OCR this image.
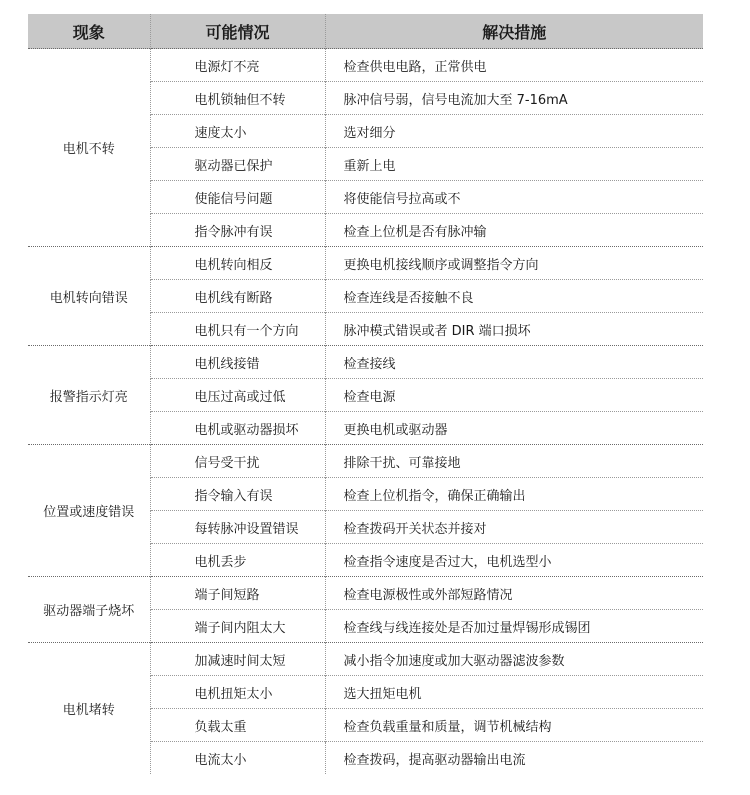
现象	可能情况	解决措施
电机不转	电源灯不亮	检查供电电路，正常供电
	电机锁轴但不转	脉冲信号弱，信号电流加大至 7-16mA
	速度太小	选对细分
	驱动器已保护	重新上电
	使能信号问题	将使能信号拉高或不
	指令脉冲有误	检查上位机是否有脉冲输
电机转向错误	电机转向相反	更换电机接线顺序或调整指令方向
	电机线有断路	检查连线是否接触不良
	电机只有一个方向	脉冲模式错误或者 DIR 端口损坏
报警指示灯亮	电机线接错	检查接线
	电压过高或过低	检查电源
	电机或驱动器损坏	更换电机或驱动器
位置或速度错误	信号受干扰	排除干扰、可靠接地
	指令输入有误	检查上位机指令，确保正确输出
	每转脉冲设置错误	检查拨码开关状态并接对
	电机丢步	检查指令速度是否过大，电机选型小
驱动器端子烧坏	端子间短路	检查电源极性或外部短路情况
	端子间内阻太大	检查线与线连接处是否加过量焊锡形成锡团
电机堵转	加减速时间太短	减小指令加速度或加大驱动器滤波参数
	电机扭矩太小	选大扭矩电机
	负载太重	检查负载重量和质量，调节机械结构
	电流太小	检查拨码，提高驱动器输出电流
